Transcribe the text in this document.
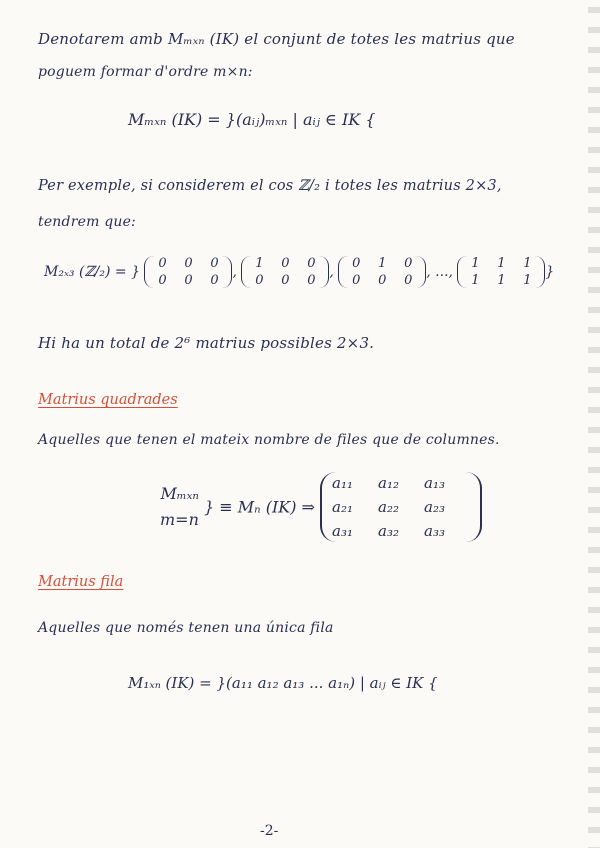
Denotarem amb Mₘₓₙ (IK) el conjunt de totes les matrius que
poguem formar d'ordre m×n:
Mₘₓₙ (IK) = }(aᵢⱼ)ₘₓₙ | aᵢⱼ ∈ IK {
Per exemple, si considerem el cos ℤ/₂ i totes les matrius 2×3,
tendrem que:
M₂ₓ₃ (ℤ/₂) = }
0	0	0
0	0	0
,
1	0	0
0	0	0
,
0	1	0
0	0	0
, ...,
1	1	1
1	1	1
}
Hi ha un total de 2⁶ matrius possibles 2×3.
Matrius quadrades
Aquelles que tenen el mateix nombre de files que de columnes.
Mₘₓₙ
m=n } ≡ Mₙ (IK) ⇒
a₁₁	a₁₂	a₁₃
a₂₁	a₂₂	a₂₃
a₃₁	a₃₂	a₃₃
Matrius fila
Aquelles que només tenen una única fila
M₁ₓₙ (IK) = }(a₁₁ a₁₂ a₁₃ ... a₁ₙ) | aᵢⱼ ∈ IK {
-2-
